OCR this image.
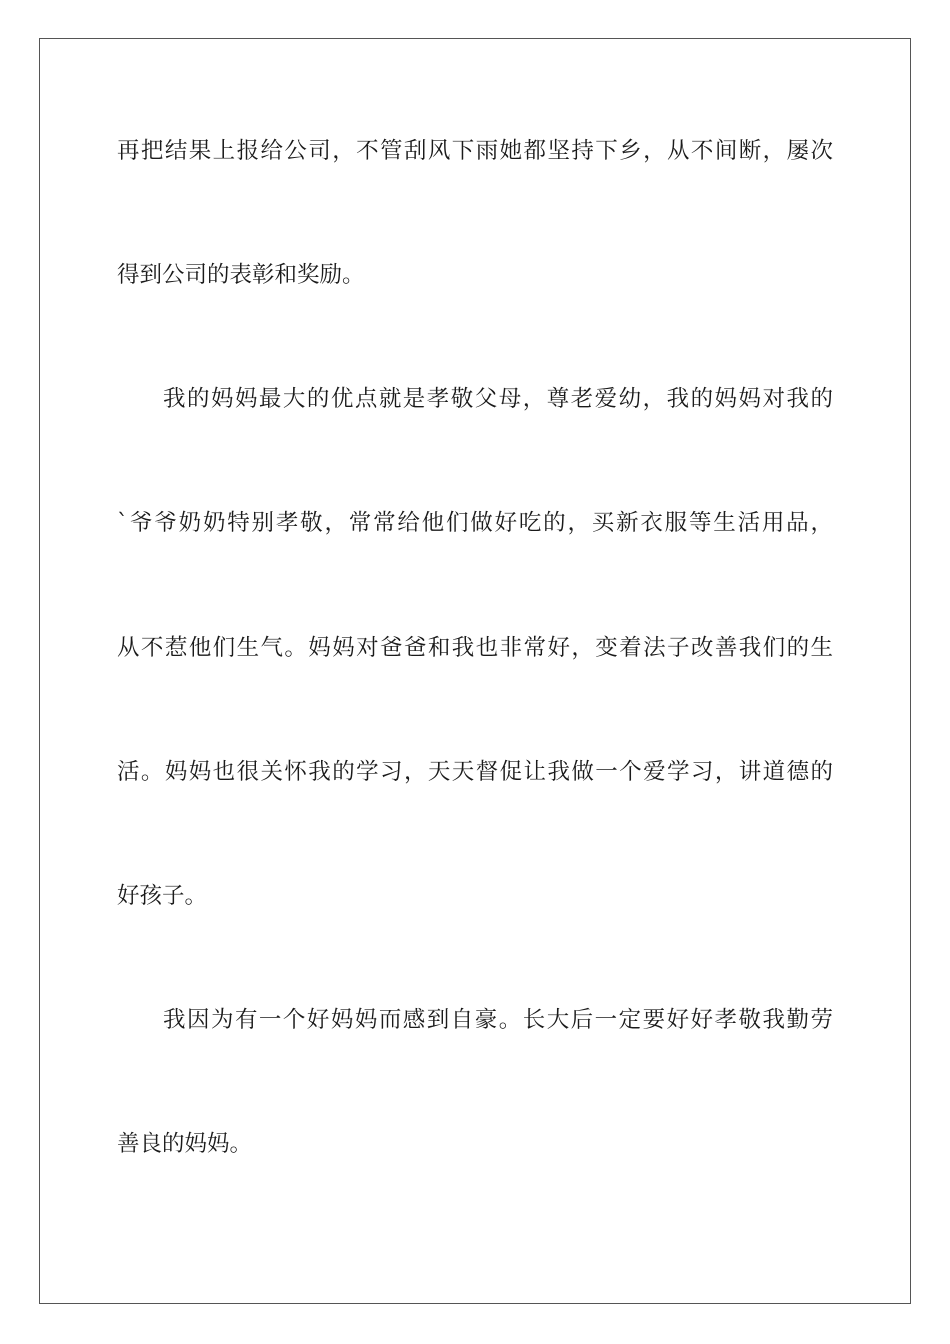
再把结果上报给公司，不管刮风下雨她都坚持下乡，从不间断，屡次
得到公司的表彰和奖励。
我的妈妈最大的优点就是孝敬父母，尊老爱幼，我的妈妈对我的
`爷爷奶奶特别孝敬，常常给他们做好吃的，买新衣服等生活用品，
从不惹他们生气。妈妈对爸爸和我也非常好，变着法子改善我们的生
活。妈妈也很关怀我的学习，天天督促让我做一个爱学习，讲道德的
好孩子。
我因为有一个好妈妈而感到自豪。长大后一定要好好孝敬我勤劳
善良的妈妈。
